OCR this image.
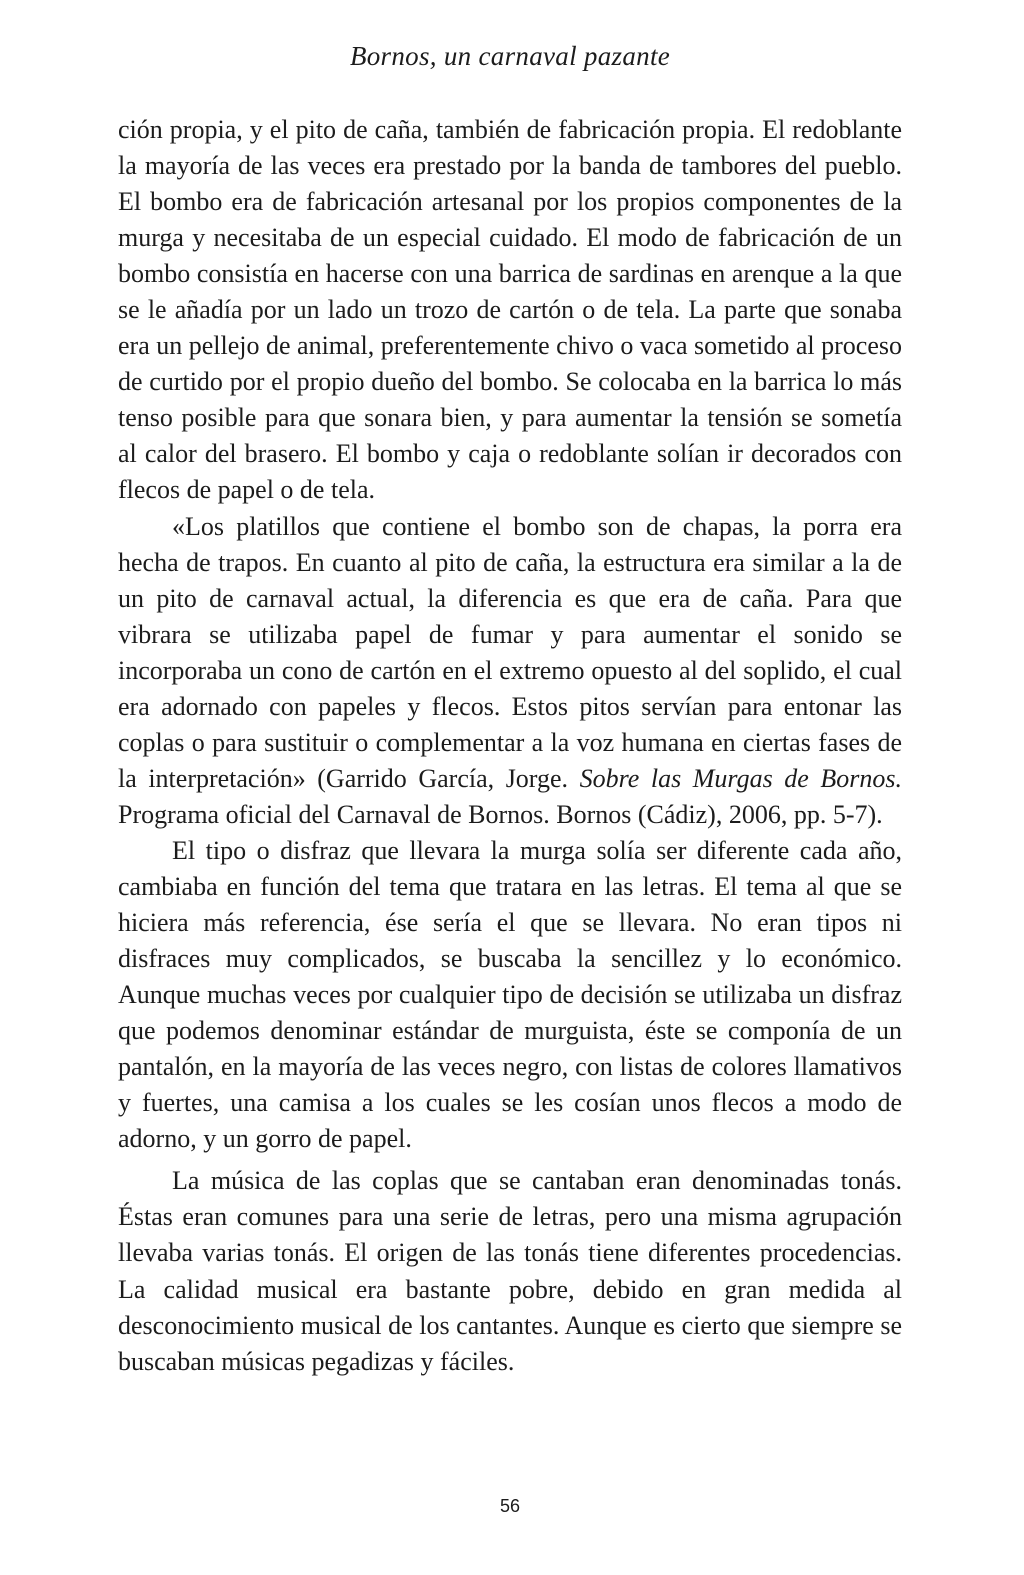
Bornos, un carnaval pazante

ción propia, y el pito de caña, también de fabricación propia. El redoblante la mayoría de las veces era prestado por la banda de tambores del pueblo. El bombo era de fabricación artesanal por los propios componentes de la murga y necesitaba de un especial cuidado. El modo de fabricación de un bombo consistía en hacerse con una barrica de sardinas en arenque a la que se le añadía por un lado un trozo de cartón o de tela. La parte que sonaba era un pellejo de animal, preferentemente chivo o vaca sometido al proceso de curtido por el propio dueño del bombo. Se colocaba en la barrica lo más tenso posible para que sonara bien, y para aumentar la tensión se sometía al calor del brasero. El bombo y caja o redoblante solían ir decorados con flecos de papel o de tela.

«Los platillos que contiene el bombo son de chapas, la porra era hecha de trapos. En cuanto al pito de caña, la estructura era similar a la de un pito de carnaval actual, la diferencia es que era de caña. Para que vibrara se utilizaba papel de fumar y para aumentar el sonido se incorporaba un cono de cartón en el extremo opuesto al del soplido, el cual era adornado con papeles y flecos. Estos pitos servían para entonar las coplas o para sustituir o complementar a la voz humana en ciertas fases de la interpretación» (Garrido García, Jorge. Sobre las Murgas de Bornos. Programa oficial del Carnaval de Bornos. Bornos (Cádiz), 2006, pp. 5-7).

El tipo o disfraz que llevara la murga solía ser diferente cada año, cambiaba en función del tema que tratara en las letras. El tema al que se hiciera más referencia, ése sería el que se llevara. No eran tipos ni disfraces muy complicados, se buscaba la sencillez y lo económico. Aunque muchas veces por cualquier tipo de decisión se utilizaba un disfraz que podemos denominar estándar de murguista, éste se componía de un pantalón, en la mayoría de las veces negro, con listas de colores llamativos y fuertes, una camisa a los cuales se les cosían unos flecos a modo de adorno, y un gorro de papel.

La música de las coplas que se cantaban eran denominadas tonás. Éstas eran comunes para una serie de letras, pero una misma agrupación llevaba varias tonás. El origen de las tonás tiene diferentes procedencias. La calidad musical era bastante pobre, debido en gran medida al desconocimiento musical de los cantantes. Aunque es cierto que siempre se buscaban músicas pegadizas y fáciles.

56
